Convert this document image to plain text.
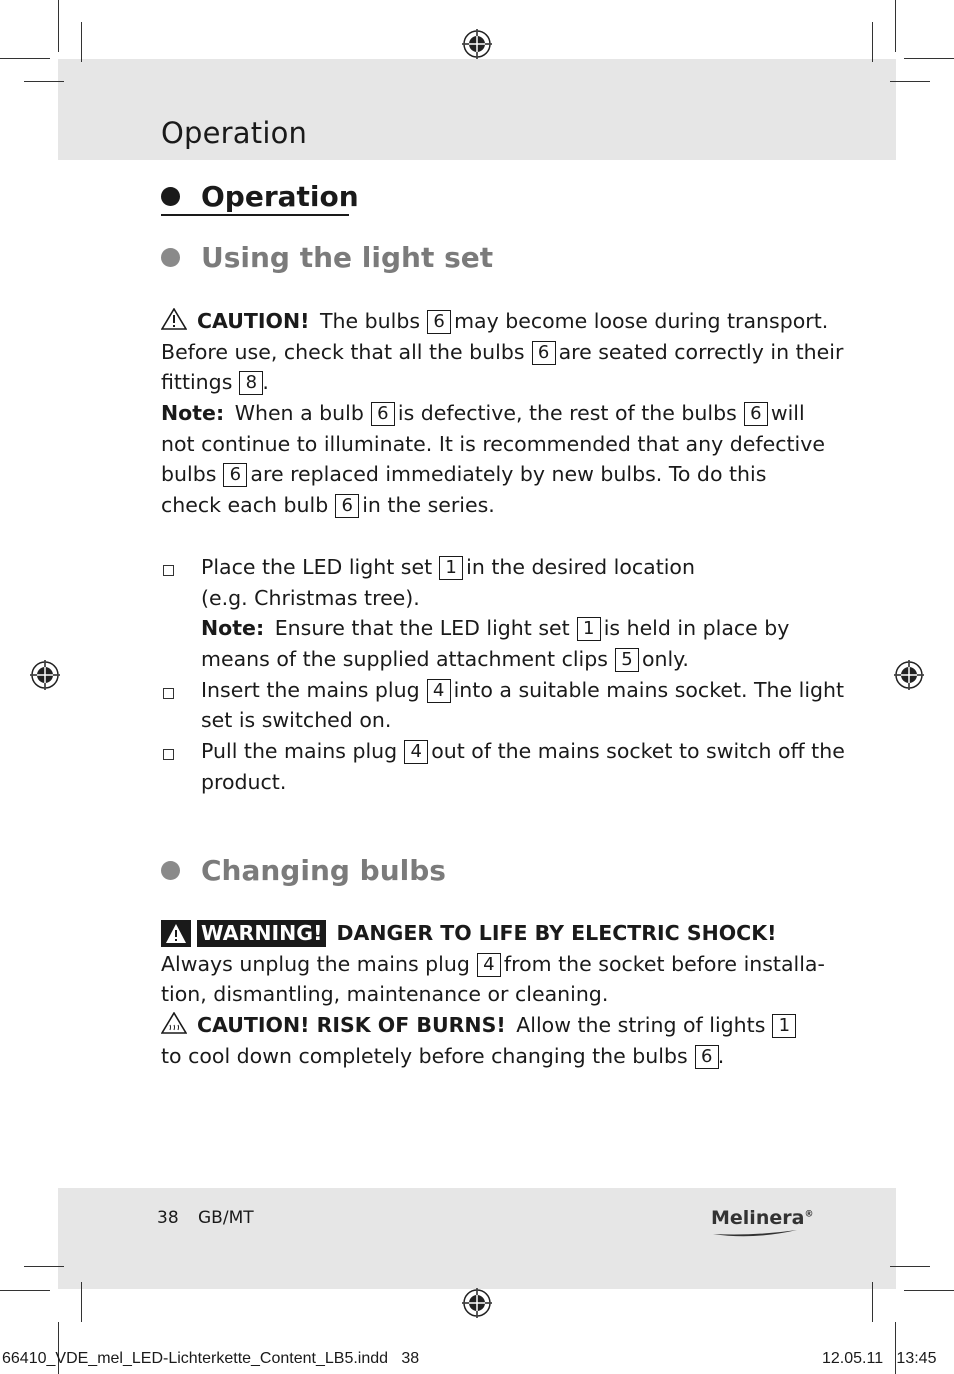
Operation
Operation
Using the light set
CAUTION! The bulbs 6 may become loose during transport.
Before use, check that all the bulbs 6 are seated correctly in their
fittings 8 .
Note: When a bulb 6 is defective, the rest of the bulbs 6 will
not continue to illuminate. It is recommended that any defective
bulbs 6 are replaced immediately by new bulbs. To do this
check each bulb 6 in the series.
Place the LED light set 1 in the desired location
(e.g. Christmas tree).
Note: Ensure that the LED light set 1 is held in place by
means of the supplied attachment clips 5 only.
Insert the mains plug 4 into a suitable mains socket. The light
set is switched on.
Pull the mains plug 4 out of the mains socket to switch off the
product.
Changing bulbs
WARNING! DANGER TO LIFE BY ELECTRIC SHOCK!
Always unplug the mains plug 4 from the socket before installa-
tion, dismantling, maintenance or cleaning.
CAUTION! RISK OF BURNS! Allow the string of lights 1
to cool down completely before changing the bulbs 6 .
38 GB/MT	Melinera®
66410_VDE_mel_LED-Lichterkette_Content_LB5.indd   38	12.05.11   13:45
